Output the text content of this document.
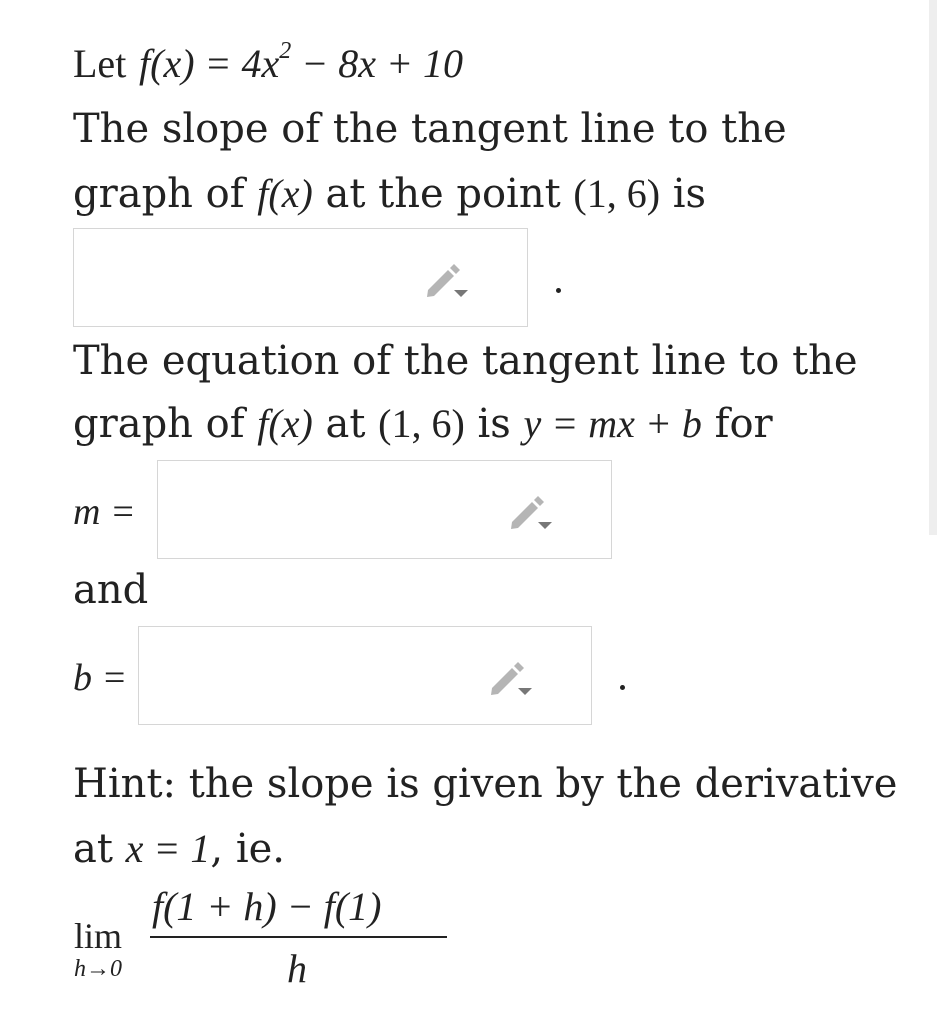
Let $f(x) = 4x^2 - 8x + 10$
The slope of the tangent line to the
graph of f(x) at the point (1, 6) is
The equation of the tangent line to the
graph of f(x) at (1, 6) is y = mx + b for
m =
and
b =
Hint: the slope is given by the derivative
at x = 1, ie.
lim
h→0
f(1 + h) − f(1)
h
